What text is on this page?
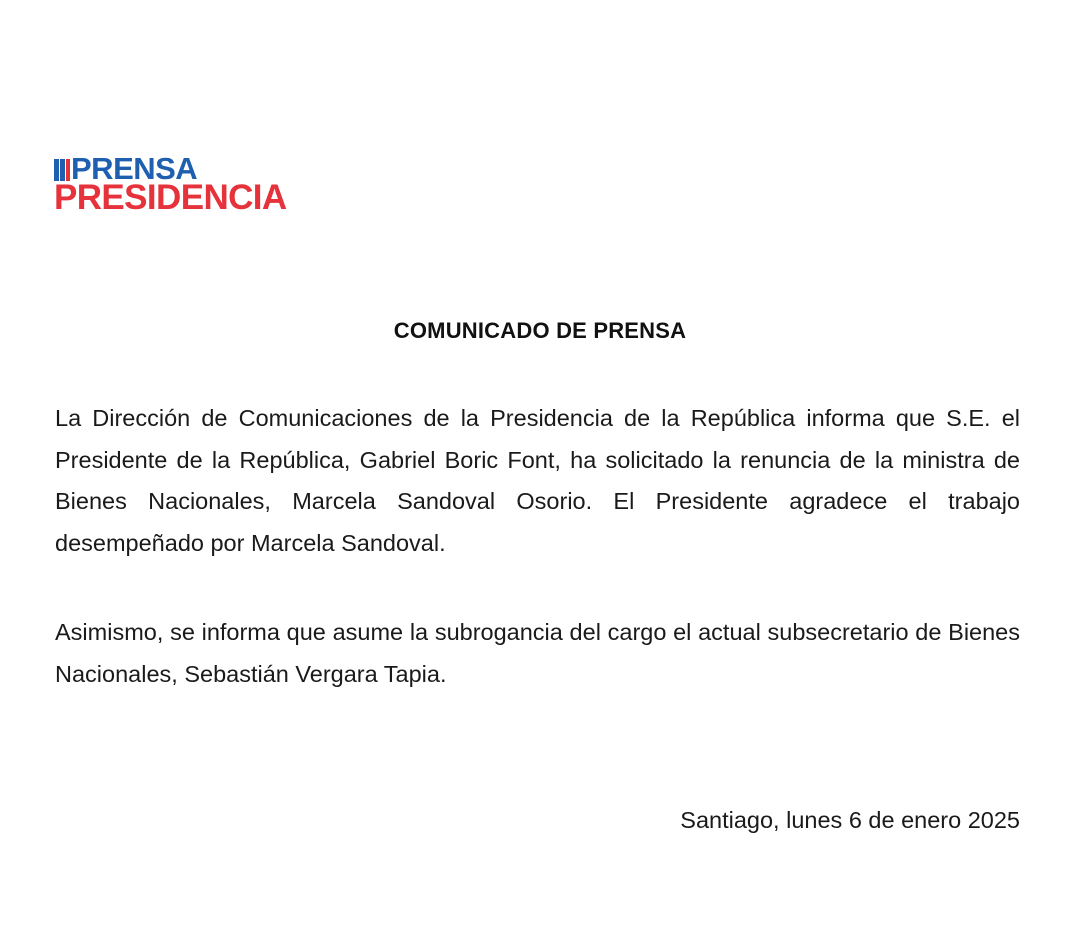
PRENSA
PRESIDENCIA
COMUNICADO DE PRENSA

La Dirección de Comunicaciones de la Presidencia de la República informa que S.E. el Presidente de la República, Gabriel Boric Font, ha solicitado la renuncia de la ministra de Bienes Nacionales, Marcela Sandoval Osorio. El Presidente agradece el trabajo desempeñado por Marcela Sandoval.

Asimismo, se informa que asume la subrogancia del cargo el actual subsecretario de Bienes Nacionales, Sebastián Vergara Tapia.

Santiago, lunes 6 de enero 2025
